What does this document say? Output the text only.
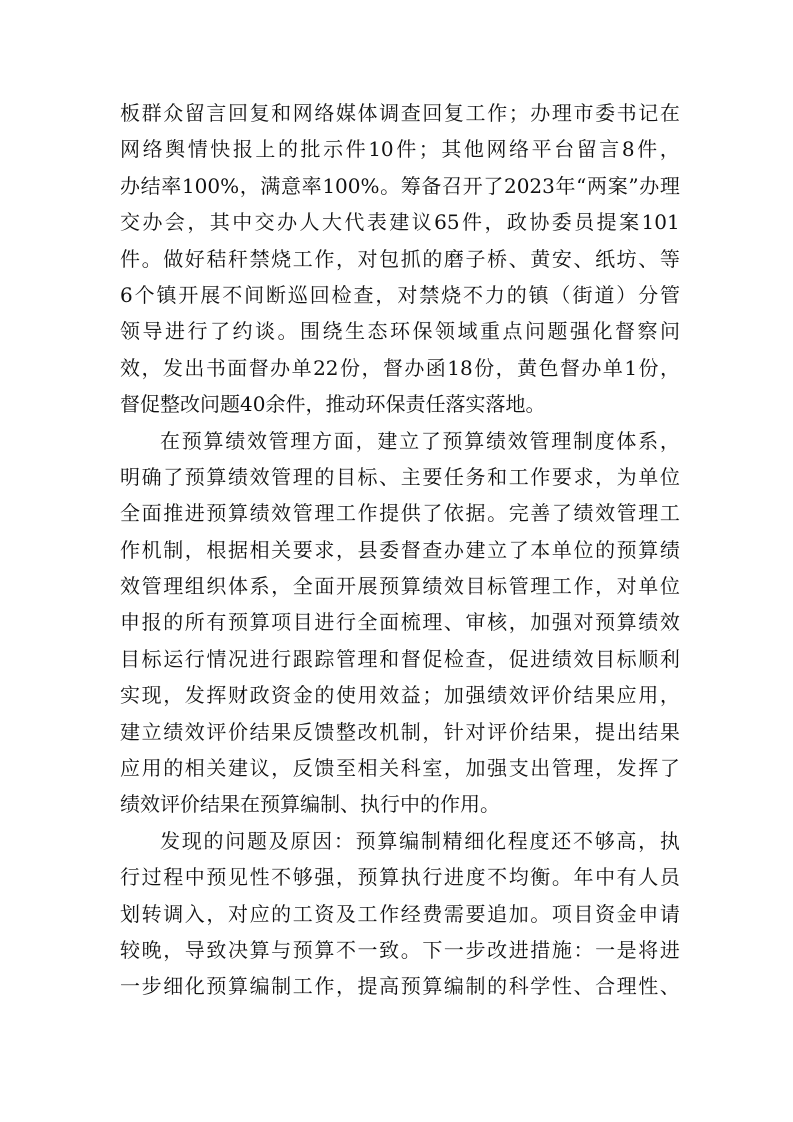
板 群 众 留 言 回 复 和 网 络 媒 体 调 查 回 复 工 作 ； 办 理 市 委 书 记 在
网 络 舆 情 快 报 上 的 批 示 件 10 件 ； 其 他 网 络 平 台 留 言 8 件 ，
办 结 率 100% ， 满 意 率 100% 。 筹 备 召 开 了 2023 年 “ 两 案 ” 办 理
交 办 会 ， 其 中 交 办 人 大 代 表 建 议 65 件 ， 政 协 委 员 提 案 101
件 。 做 好 秸 秆 禁 烧 工 作 ， 对 包 抓 的 磨 子 桥 、 黄 安 、 纸 坊 、 等
6 个 镇 开 展 不 间 断 巡 回 检 查 ， 对 禁 烧 不 力 的 镇 （ 街 道 ） 分 管
领 导 进 行 了 约 谈 。 围 绕 生 态 环 保 领 域 重 点 问 题 强 化 督 察 问
效 ， 发 出 书 面 督 办 单 22 份 ， 督 办 函 18 份 ， 黄 色 督 办 单 1 份 ，
督促整改问题40余件，推动环保责任落实落地。
在 预 算 绩 效 管 理 方 面 ， 建 立 了 预 算 绩 效 管 理 制 度 体 系 ，
明 确 了 预 算 绩 效 管 理 的 目 标 、 主 要 任 务 和 工 作 要 求 ， 为 单 位
全 面 推 进 预 算 绩 效 管 理 工 作 提 供 了 依 据 。 完 善 了 绩 效 管 理 工
作 机 制 ， 根 据 相 关 要 求 ， 县 委 督 查 办 建 立 了 本 单 位 的 预 算 绩
效 管 理 组 织 体 系 ， 全 面 开 展 预 算 绩 效 目 标 管 理 工 作 ， 对 单 位
申 报 的 所 有 预 算 项 目 进 行 全 面 梳 理 、 审 核 ， 加 强 对 预 算 绩 效
目 标 运 行 情 况 进 行 跟 踪 管 理 和 督 促 检 查 ， 促 进 绩 效 目 标 顺 利
实 现 ， 发 挥 财 政 资 金 的 使 用 效 益 ； 加 强 绩 效 评 价 结 果 应 用 ，
建 立 绩 效 评 价 结 果 反 馈 整 改 机 制 ， 针 对 评 价 结 果 ， 提 出 结 果
应 用 的 相 关 建 议 ， 反 馈 至 相 关 科 室 ， 加 强 支 出 管 理 ， 发 挥 了
绩效评价结果在预算编制、执行中的作用。
发 现 的 问 题 及 原 因 ： 预 算 编 制 精 细 化 程 度 还 不 够 高 ， 执
行 过 程 中 预 见 性 不 够 强 ， 预 算 执 行 进 度 不 均 衡 。 年 中 有 人 员
划 转 调 入 ， 对 应 的 工 资 及 工 作 经 费 需 要 追 加 。 项 目 资 金 申 请
较 晚 ， 导 致 决 算 与 预 算 不 一 致 。 下 一 步 改 进 措 施 ： 一 是 将 进
一 步 细 化 预 算 编 制 工 作 ， 提 高 预 算 编 制 的 科 学 性 、 合 理 性 、
